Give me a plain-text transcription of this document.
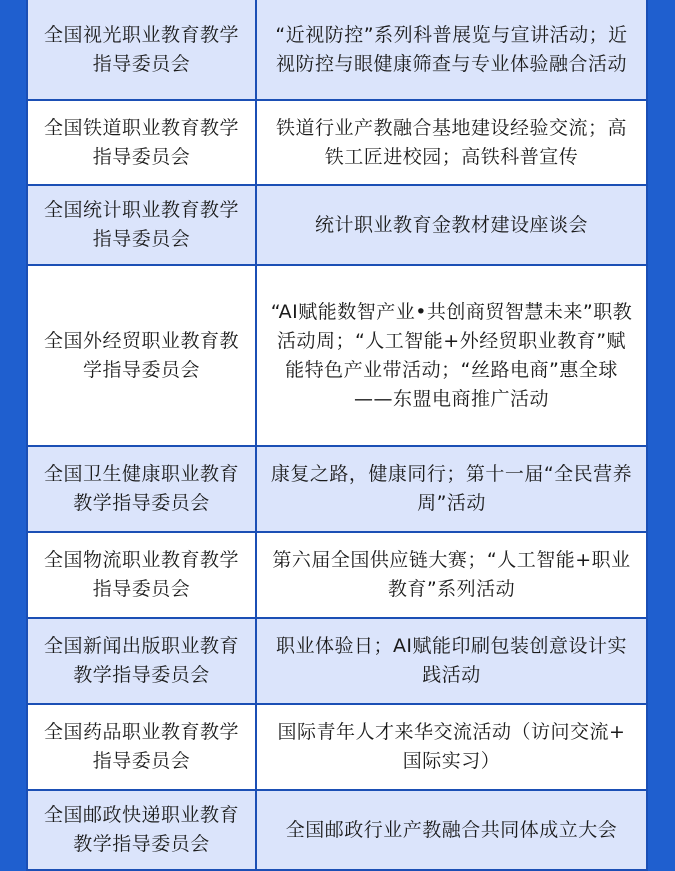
全国视光职业教育教学
指导委员会
“近视防控”系列科普展览与宣讲活动；近
视防控与眼健康筛查与专业体验融合活动
全国铁道职业教育教学
指导委员会
铁道行业产教融合基地建设经验交流；高
铁工匠进校园；高铁科普宣传
全国统计职业教育教学
指导委员会
统计职业教育金教材建设座谈会
全国外经贸职业教育教
学指导委员会
“AI赋能数智产业•共创商贸智慧未来”职教
活动周；“人工智能+外经贸职业教育”赋
能特色产业带活动；“丝路电商”惠全球
——东盟电商推广活动
全国卫生健康职业教育
教学指导委员会
康复之路，健康同行；第十一届“全民营养
周”活动
全国物流职业教育教学
指导委员会
第六届全国供应链大赛；“人工智能+职业
教育”系列活动
全国新闻出版职业教育
教学指导委员会
职业体验日；AI赋能印刷包装创意设计实
践活动
全国药品职业教育教学
指导委员会
国际青年人才来华交流活动（访问交流+
国际实习）
全国邮政快递职业教育
教学指导委员会
全国邮政行业产教融合共同体成立大会
